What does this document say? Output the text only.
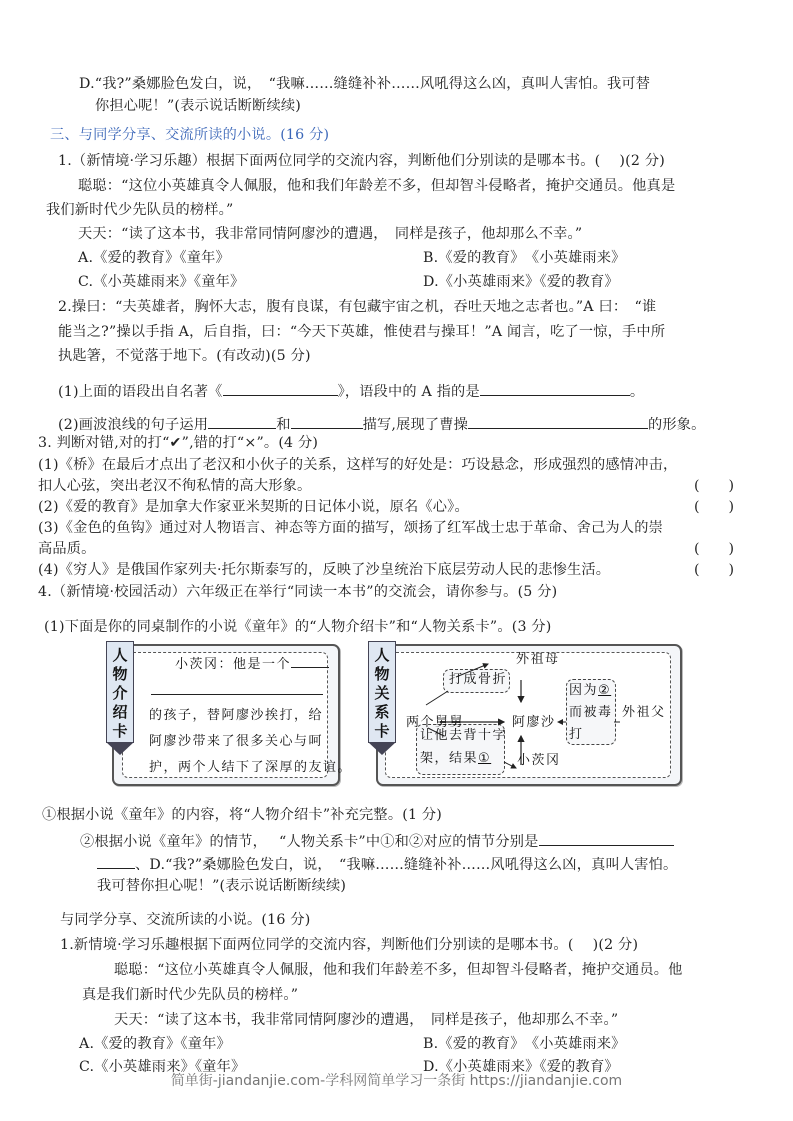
D.“我?”桑娜脸色发白，说，　“我嘛……缝缝补补……风吼得这么凶，真叫人害怕。我可替
你担心呢！”(表示说话断断续续)
三、与同学分享、交流所读的小说。(16 分)
1.（新情境·学习乐趣）根据下面两位同学的交流内容，判断他们分别读的是哪本书。(　 )(2 分)
聪聪：“这位小英雄真令人佩服，他和我们年龄差不多，但却智斗侵略者，掩护交通员。他真是
我们新时代少先队员的榜样。”
天天：“读了这本书，我非常同情阿廖沙的遭遇，　同样是孩子，他却那么不幸。”
A.《爱的教育》《童年》	B.《爱的教育》　《小英雄雨来》
C.《小英雄雨来》《童年》	D.《小英雄雨来》《爱的教育》
2.操曰：“夫英雄者，胸怀大志，腹有良谋，有包藏宇宙之机，吞吐天地之志者也。”A 曰：　“谁
能当之?”操以手指 A，后自指，曰：“今天下英雄，惟使君与操耳！”A 闻言，吃了一惊，手中所
执匙箸，不觉落于地下。(有改动)(5 分)
(1)上面的语段出自名著《	》，语段中的 A 指的是	。
(2)画波浪线的句子运用	和	描写,展现了曹操	的形象。
3. 判断对错,对的打“✔”,错的打“×”。(4 分)
(1)《桥》在最后才点出了老汉和小伙子的关系，这样写的好处是：巧设悬念，形成强烈的感情冲击，
扣人心弦，突出老汉不徇私情的高大形象。	(　　)
(2)《爱的教育》是加拿大作家亚米契斯的日记体小说，原名《心》。	(　　)
(3)《金色的鱼钩》通过对人物语言、神态等方面的描写，颂扬了红军战士忠于革命、舍己为人的崇
高品质。	(　　)
(4)《穷人》是俄国作家列夫·托尔斯泰写的，反映了沙皇统治下底层劳动人民的悲惨生活。	(　　)
4.（新情境·校园活动）六年级正在举行“同读一本书”的交流会，请你参与。(5 分)
(1)下面是你的同桌制作的小说《童年》的“人物介绍卡”和“人物关系卡”。(3 分)
人
物
介
绍
卡
小茨冈：他是一个
的孩子，替阿廖沙挨打，给
阿廖沙带来了很多关心与呵
护，两个人结下了深厚的友谊。
人
物
关
系
卡
外祖母
打成骨折
两个舅舅	阿廖沙
让他去背十字
架，结果① 小茨冈
因为②
而被毒
打
外祖父
①根据小说《童年》的内容，将“人物介绍卡”补充完整。(1 分)
②根据小说《童年》的情节，　 “人物关系卡”中①和②对应的情节分别是
、D.“我?”桑娜脸色发白，说，　“我嘛……缝缝补补……风吼得这么凶，真叫人害怕。
我可替你担心呢！”(表示说话断断续续)
与同学分享、交流所读的小说。(16 分)
1.新情境·学习乐趣根据下面两位同学的交流内容，判断他们分别读的是哪本书。(　 )(2 分)
聪聪：“这位小英雄真令人佩服，他和我们年龄差不多，但却智斗侵略者，掩护交通员。他
真是我们新时代少先队员的榜样。”
天天：“读了这本书，我非常同情阿廖沙的遭遇，　同样是孩子，他却那么不幸。”
A.《爱的教育》《童年》	B.《爱的教育》　《小英雄雨来》
C.《小英雄雨来》《童年》	D.《小英雄雨来》《爱的教育》
简单街-jiandanjie.com-学科网简单学习一条街 https://jiandanjie.com
